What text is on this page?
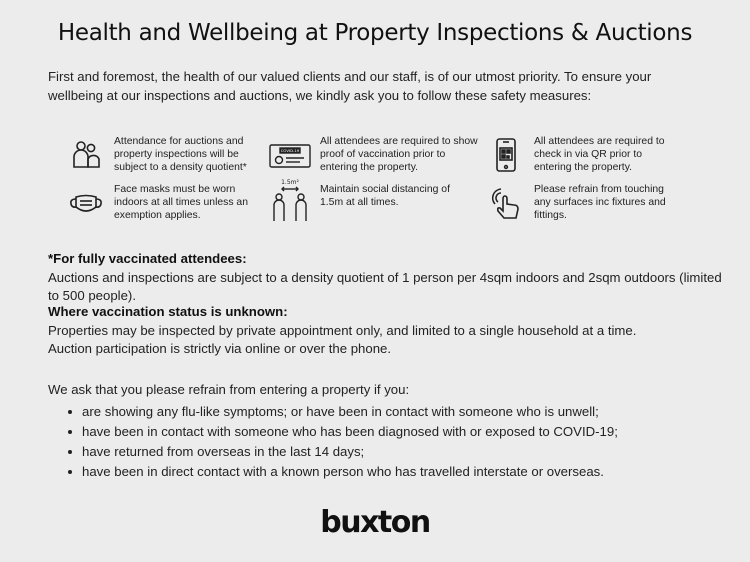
Health and Wellbeing at Property Inspections & Auctions
First and foremost, the health of our valued clients and our staff, is of our utmost priority. To ensure your wellbeing at our inspections and auctions, we kindly ask you to follow these safety measures:
Attendance for auctions and property inspections will be subject to a density quotient*
COVID-19
All attendees are required to show proof of vaccination prior to entering the property.
All attendees are required to check in via QR prior to entering the property.
Face masks must be worn indoors at all times unless an exemption applies.
1.5m²
Maintain social distancing of 1.5m at all times.
Please refrain from touching any surfaces inc fixtures and fittings.
*For fully vaccinated attendees:
Auctions and inspections are subject to a density quotient of 1 person per 4sqm indoors and 2sqm outdoors (limited to 500 people).
Where vaccination status is unknown:
Properties may be inspected by private appointment only, and limited to a single household at a time.
Auction participation is strictly via online or over the phone.
We ask that you please refrain from entering a property if you:
are showing any flu-like symptoms; or have been in contact with someone who is unwell;
have been in contact with someone who has been diagnosed with or exposed to COVID-19;
have returned from overseas in the last 14 days;
have been in direct contact with a known person who has travelled interstate or overseas.
buxton
